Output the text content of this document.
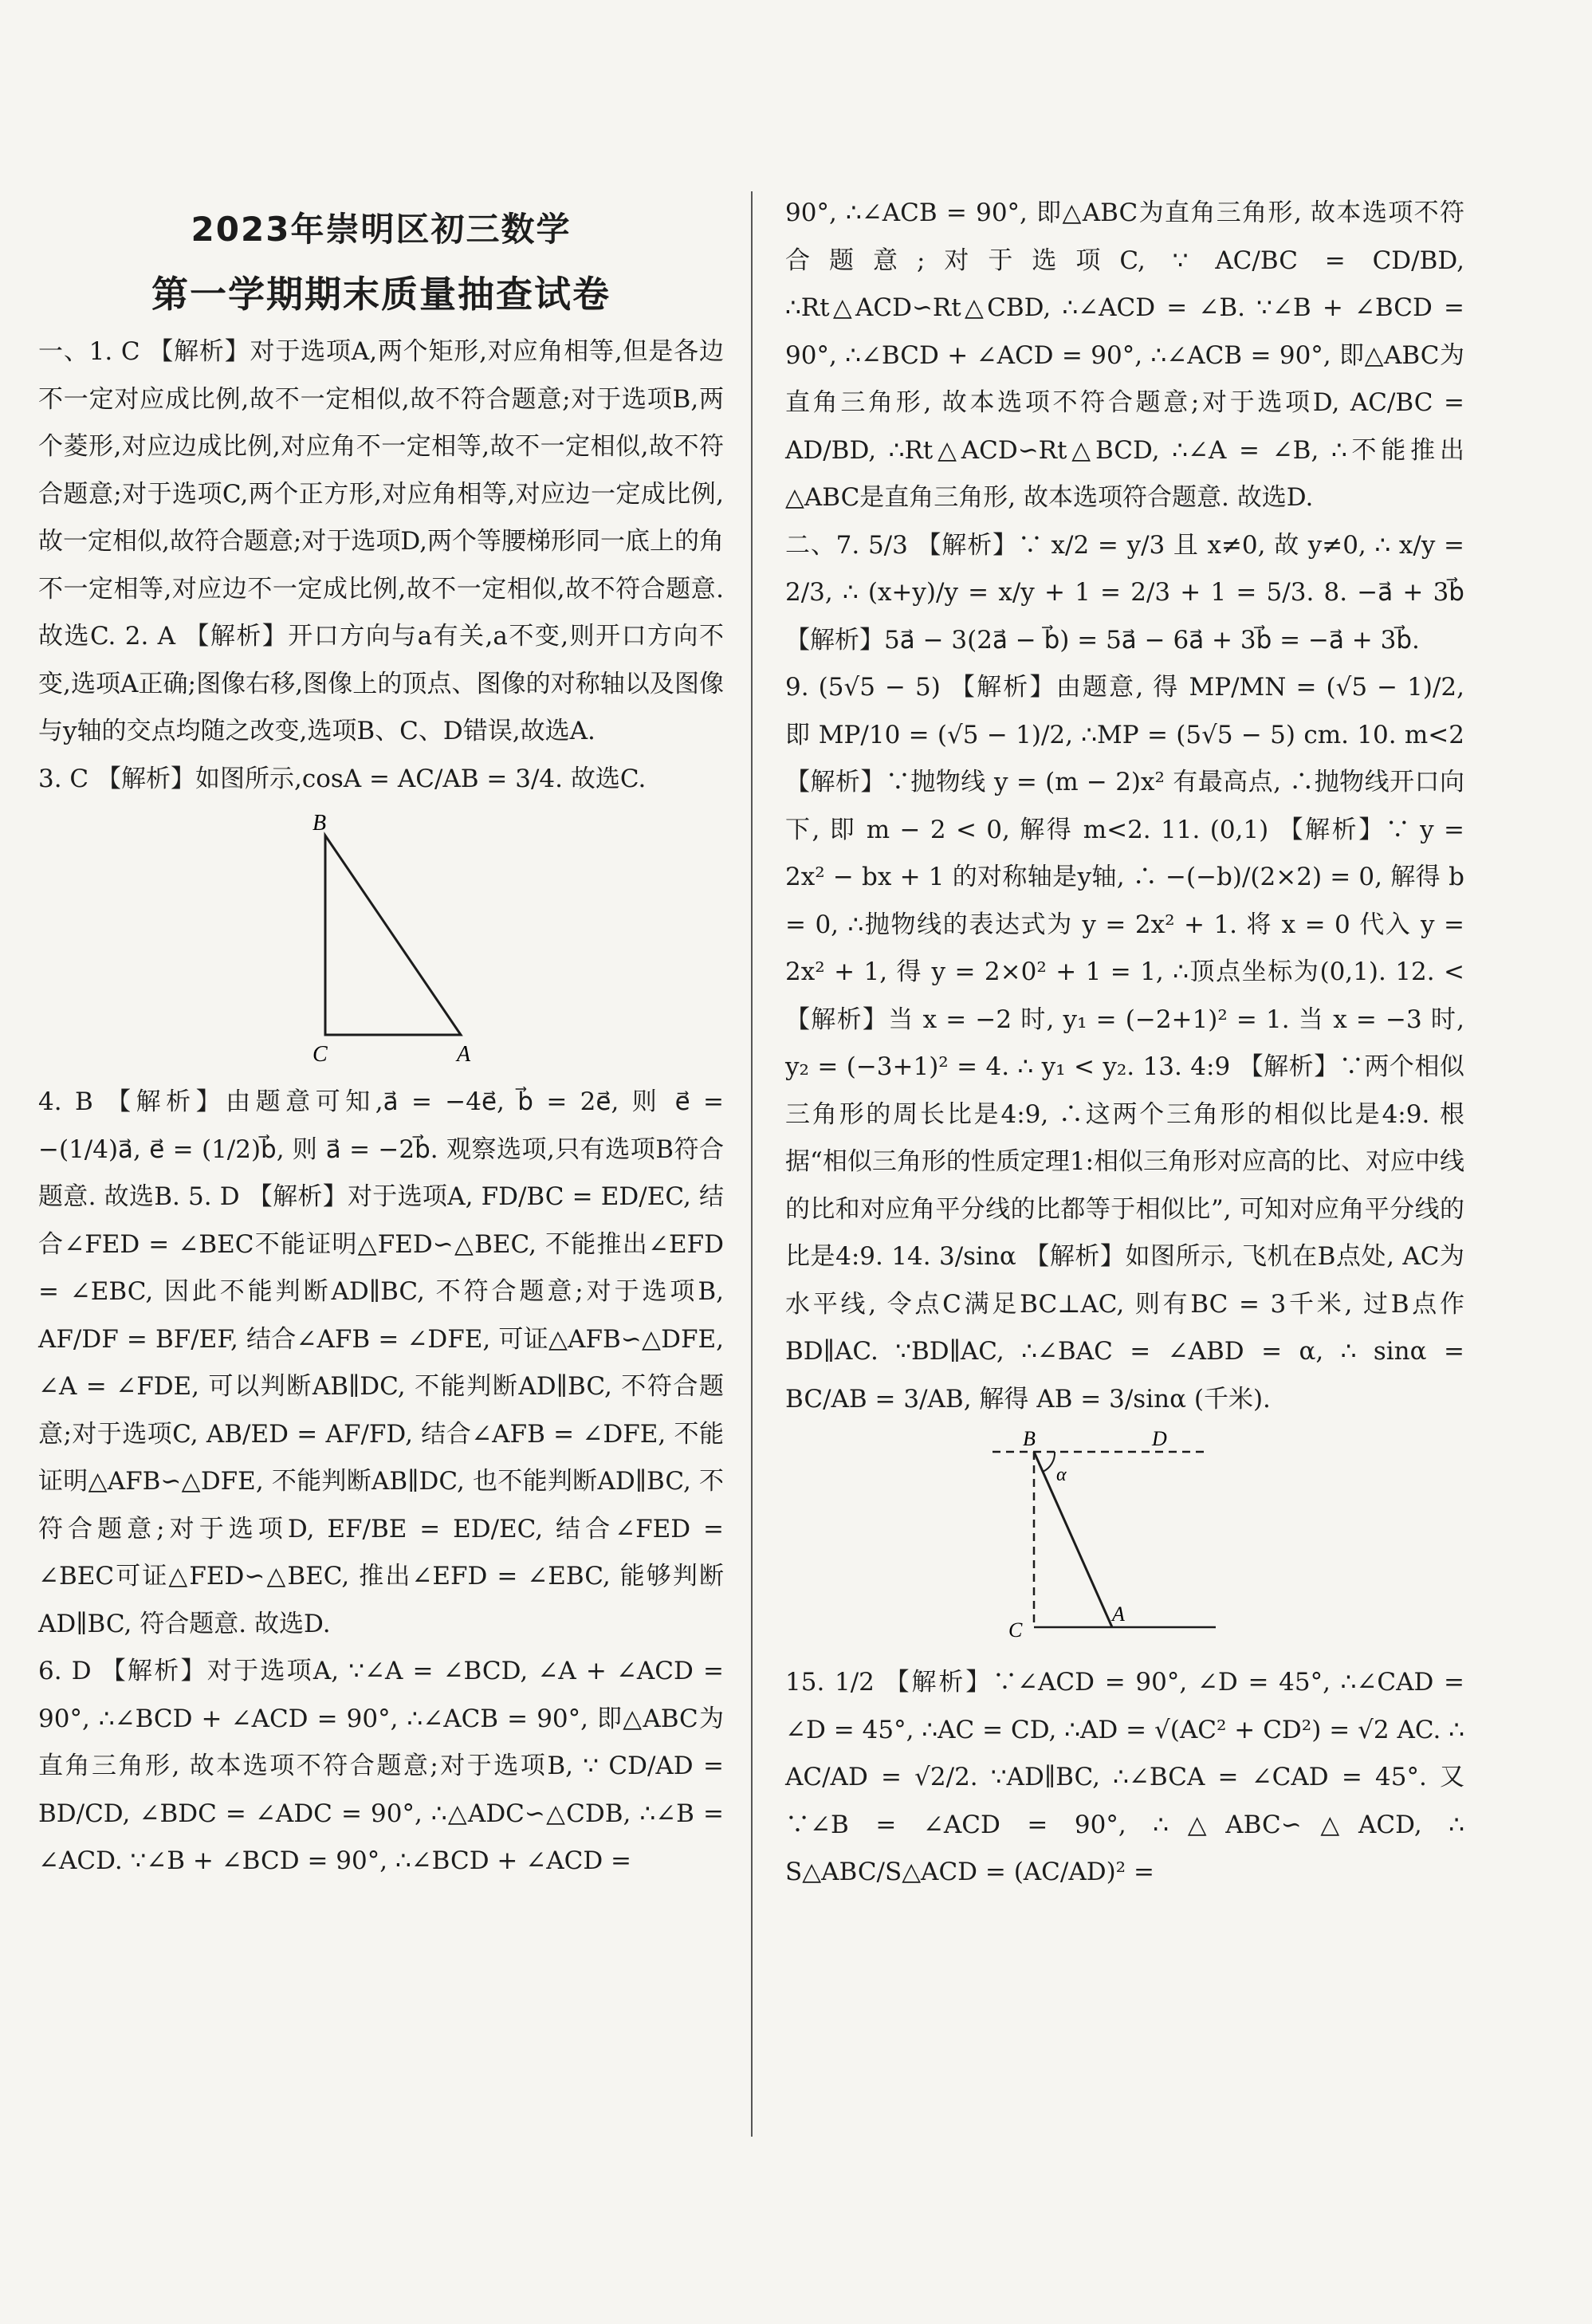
2023年崇明区初三数学
第一学期期末质量抽查试卷

一、1. C 【解析】对于选项A,两个矩形,对应角相等,但是各边不一定对应成比例,故不一定相似,故不符合题意;对于选项B,两个菱形,对应边成比例,对应角不一定相等,故不一定相似,故不符合题意;对于选项C,两个正方形,对应角相等,对应边一定成比例,故一定相似,故符合题意;对于选项D,两个等腰梯形同一底上的角不一定相等,对应边不一定成比例,故不一定相似,故不符合题意. 故选C. 2. A 【解析】开口方向与a有关,a不变,则开口方向不变,选项A正确;图像右移,图像上的顶点、图像的对称轴以及图像与y轴的交点均随之改变,选项B、C、D错误,故选A.

3. C 【解析】如图所示,cosA = AC/AB = 3/4. 故选C.

B
C	A

4. B 【解析】由题意可知,a⃗ = −4e⃗, b⃗ = 2e⃗, 则 e⃗ = −(1/4)a⃗, e⃗ = (1/2)b⃗, 则 a⃗ = −2b⃗. 观察选项,只有选项B符合题意. 故选B. 5. D 【解析】对于选项A, FD/BC = ED/EC, 结合∠FED = ∠BEC不能证明△FED∽△BEC, 不能推出∠EFD = ∠EBC, 因此不能判断AD∥BC, 不符合题意;对于选项B, AF/DF = BF/EF, 结合∠AFB = ∠DFE, 可证△AFB∽△DFE, ∠A = ∠FDE, 可以判断AB∥DC, 不能判断AD∥BC, 不符合题意;对于选项C, AB/ED = AF/FD, 结合∠AFB = ∠DFE, 不能证明△AFB∽△DFE, 不能判断AB∥DC, 也不能判断AD∥BC, 不符合题意;对于选项D, EF/BE = ED/EC, 结合∠FED = ∠BEC可证△FED∽△BEC, 推出∠EFD = ∠EBC, 能够判断AD∥BC, 符合题意. 故选D.

6. D 【解析】对于选项A, ∵∠A = ∠BCD, ∠A + ∠ACD = 90°, ∴∠BCD + ∠ACD = 90°, ∴∠ACB = 90°, 即△ABC为直角三角形, 故本选项不符合题意;对于选项B, ∵ CD/AD = BD/CD, ∠BDC = ∠ADC = 90°, ∴△ADC∽△CDB, ∴∠B = ∠ACD. ∵∠B + ∠BCD = 90°, ∴∠BCD + ∠ACD =

90°, ∴∠ACB = 90°, 即△ABC为直角三角形, 故本选项不符合题意;对于选项C, ∵ AC/BC = CD/BD, ∴Rt△ACD∽Rt△CBD, ∴∠ACD = ∠B. ∵∠B + ∠BCD = 90°, ∴∠BCD + ∠ACD = 90°, ∴∠ACB = 90°, 即△ABC为直角三角形, 故本选项不符合题意;对于选项D, AC/BC = AD/BD, ∴Rt△ACD∽Rt△BCD, ∴∠A = ∠B, ∴不能推出△ABC是直角三角形, 故本选项符合题意. 故选D.

二、7. 5/3 【解析】∵ x/2 = y/3 且 x≠0, 故 y≠0, ∴ x/y = 2/3, ∴ (x+y)/y = x/y + 1 = 2/3 + 1 = 5/3. 8. −a⃗ + 3b⃗ 【解析】5a⃗ − 3(2a⃗ − b⃗) = 5a⃗ − 6a⃗ + 3b⃗ = −a⃗ + 3b⃗.

9. (5√5 − 5) 【解析】由题意, 得 MP/MN = (√5 − 1)/2, 即 MP/10 = (√5 − 1)/2, ∴MP = (5√5 − 5) cm. 10. m<2 【解析】∵抛物线 y = (m − 2)x² 有最高点, ∴抛物线开口向下, 即 m − 2 < 0, 解得 m<2. 11. (0,1) 【解析】∵ y = 2x² − bx + 1 的对称轴是y轴, ∴ −(−b)/(2×2) = 0, 解得 b = 0, ∴抛物线的表达式为 y = 2x² + 1. 将 x = 0 代入 y = 2x² + 1, 得 y = 2×0² + 1 = 1, ∴顶点坐标为(0,1). 12. < 【解析】当 x = −2 时, y₁ = (−2+1)² = 1. 当 x = −3 时, y₂ = (−3+1)² = 4. ∴ y₁ < y₂. 13. 4:9 【解析】∵两个相似三角形的周长比是4:9, ∴这两个三角形的相似比是4:9. 根据“相似三角形的性质定理1:相似三角形对应高的比、对应中线的比和对应角平分线的比都等于相似比”, 可知对应角平分线的比是4:9. 14. 3/sinα 【解析】如图所示, 飞机在B点处, AC为水平线, 令点C满足BC⊥AC, 则有BC = 3千米, 过B点作BD∥AC. ∵BD∥AC, ∴∠BAC = ∠ABD = α, ∴ sinα = BC/AB = 3/AB, 解得 AB = 3/sinα (千米).

B	D
α
C
A

15. 1/2 【解析】∵∠ACD = 90°, ∠D = 45°, ∴∠CAD = ∠D = 45°, ∴AC = CD, ∴AD = √(AC² + CD²) = √2 AC. ∴ AC/AD = √2/2. ∵AD∥BC, ∴∠BCA = ∠CAD = 45°. 又∵∠B = ∠ACD = 90°, ∴△ABC∽△ACD, ∴ S△ABC/S△ACD = (AC/AD)² =
